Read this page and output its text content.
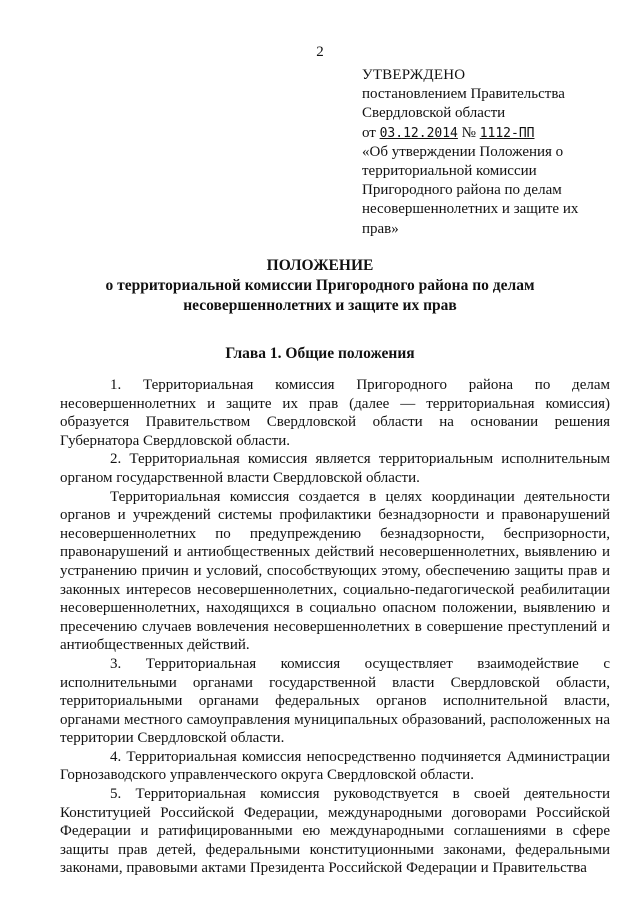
2
УТВЕРЖДЕНО
постановлением Правительства
Свердловской области
от 03.12.2014 № 1112-ПП
«Об утверждении Положения о
территориальной комиссии
Пригородного района по делам
несовершеннолетних и защите их
прав»
ПОЛОЖЕНИЕ
о территориальной комиссии Пригородного района по делам
несовершеннолетних и защите их прав
Глава 1. Общие положения

1. Территориальная комиссия Пригородного района по делам несовершеннолетних и защите их прав (далее — территориальная комиссия) образуется Правительством Свердловской области на основании решения Губернатора Свердловской области.

2. Территориальная комиссия является территориальным исполнительным органом государственной власти Свердловской области.

Территориальная комиссия создается в целях координации деятельности органов и учреждений системы профилактики безнадзорности и правонарушений несовершеннолетних по предупреждению безнадзорности, беспризорности, правонарушений и антиобщественных действий несовершеннолетних, выявлению и устранению причин и условий, способствующих этому, обеспечению защиты прав и законных интересов несовершеннолетних, социально-педагогической реабилитации несовершеннолетних, находящихся в социально опасном положении, выявлению и пресечению случаев вовлечения несовершеннолетних в совершение преступлений и антиобщественных действий.

3. Территориальная комиссия осуществляет взаимодействие с исполнительными органами государственной власти Свердловской области, территориальными органами федеральных органов исполнительной власти, органами местного самоуправления муниципальных образований, расположенных на территории Свердловской области.

4. Территориальная комиссия непосредственно подчиняется Администрации Горнозаводского управленческого округа Свердловской области.

5. Территориальная комиссия руководствуется в своей деятельности Конституцией Российской Федерации, международными договорами Российской Федерации и ратифицированными ею международными соглашениями в сфере защиты прав детей, федеральными конституционными законами, федеральными законами, правовыми актами Президента Российской Федерации и Правительства
